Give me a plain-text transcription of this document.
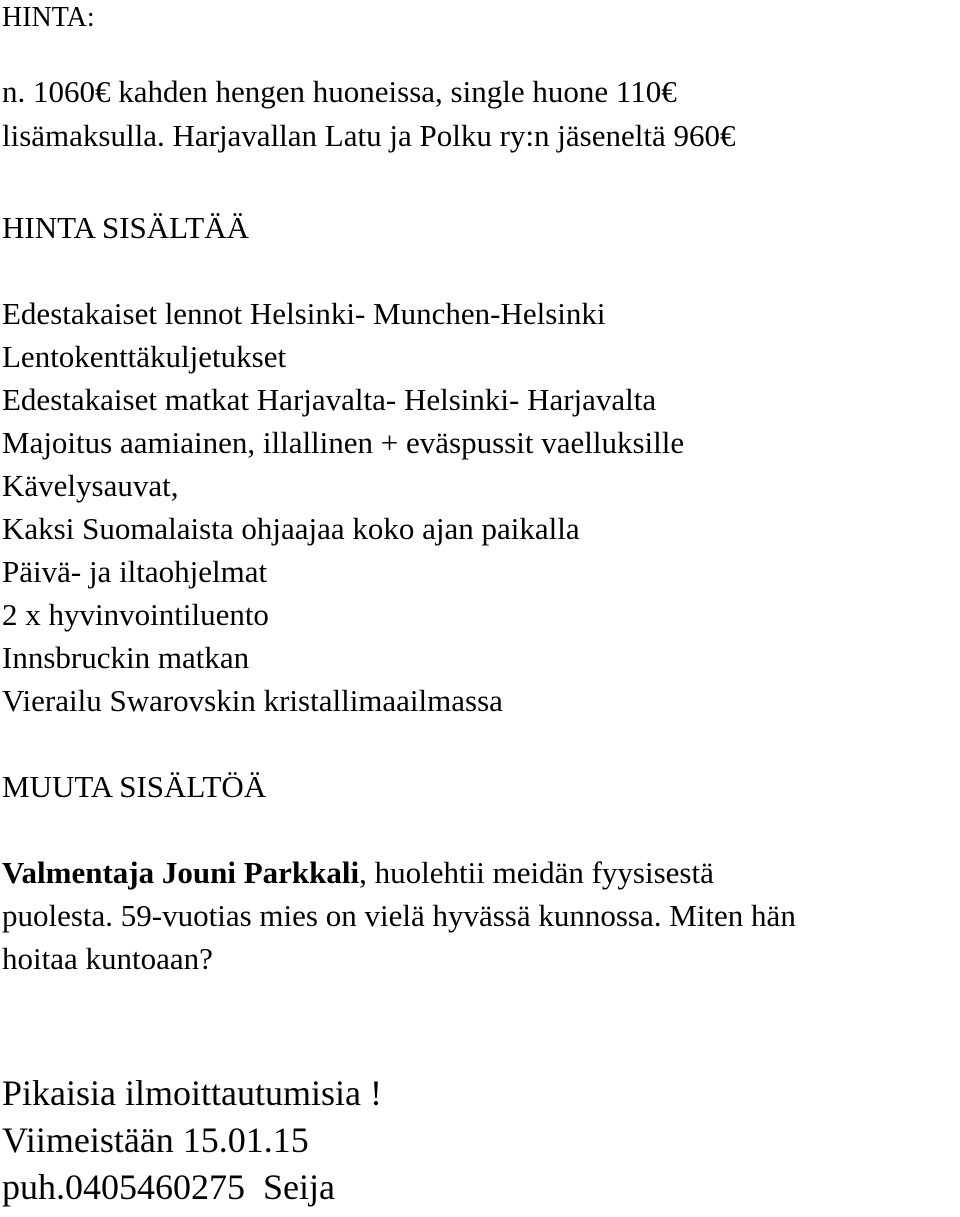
HINTA:
n. 1060€ kahden hengen huoneissa, single huone 110€
lisämaksulla. Harjavallan Latu ja Polku ry:n jäseneltä 960€
HINTA SISÄLTÄÄ
Edestakaiset lennot Helsinki- Munchen-Helsinki
Lentokenttäkuljetukset
Edestakaiset matkat Harjavalta- Helsinki- Harjavalta
Majoitus aamiainen, illallinen + eväspussit vaelluksille
Kävelysauvat,
Kaksi Suomalaista ohjaajaa koko ajan paikalla
Päivä- ja iltaohjelmat
2 x hyvinvointiluento
Innsbruckin matkan
Vierailu Swarovskin kristallimaailmassa
MUUTA SISÄLTÖÄ
Valmentaja Jouni Parkkali, huolehtii meidän fyysisestä
puolesta. 59-vuotias mies on vielä hyvässä kunnossa. Miten hän
hoitaa kuntoaan?
Pikaisia ilmoittautumisia !
Viimeistään 15.01.15
puh.0405460275  Seija
